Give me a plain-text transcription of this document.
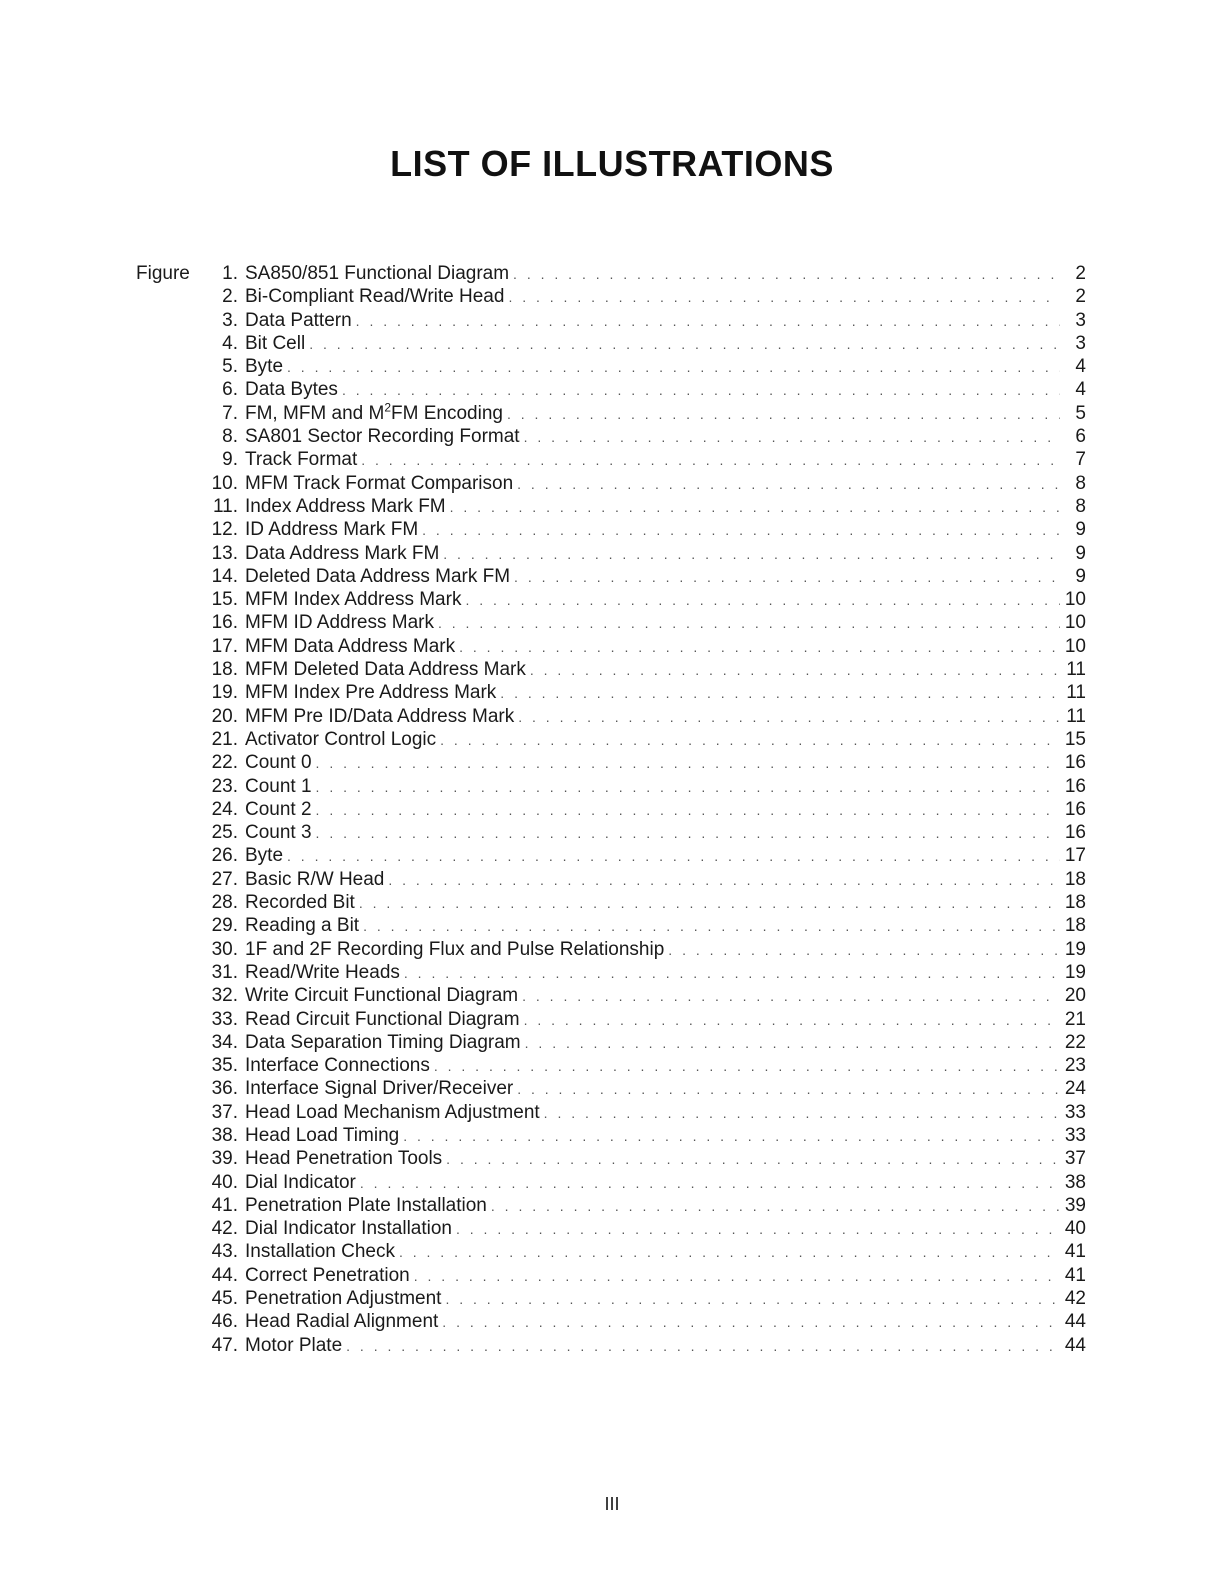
LIST OF ILLUSTRATIONS
Figure	1. SA850/851 Functional Diagram . . .	2
2. Bi-Compliant Read/Write Head . . .	2
3. Data Pattern . . .	3
4. Bit Cell . . .	3
5. Byte . . .	4
6. Data Bytes . . .	4
7. FM, MFM and $M^2FM$ Encoding . . .	5
8. SA801 Sector Recording Format . . .	6
9. Track Format . . .	7
10. MFM Track Format Comparison . . .	8
11. Index Address Mark FM . . .	8
12. ID Address Mark FM . . .	9
13. Data Address Mark FM . . .	9
14. Deleted Data Address Mark FM . . .	9
15. MFM Index Address Mark . . .	10
16. MFM ID Address Mark . . .	10
17. MFM Data Address Mark . . .	10
18. MFM Deleted Data Address Mark . . .	11
19. MFM Index Pre Address Mark . . .	11
20. MFM Pre ID/Data Address Mark . . .	11
21. Activator Control Logic . . .	15
22. Count 0 . . .	16
23. Count 1 . . .	16
24. Count 2 . . .	16
25. Count 3 . . .	16
26. Byte . . .	17
27. Basic R/W Head . . .	18
28. Recorded Bit . . .	18
29. Reading a Bit . . .	18
30. 1F and 2F Recording Flux and Pulse Relationship . . .	19
31. Read/Write Heads . . .	19
32. Write Circuit Functional Diagram . . .	20
33. Read Circuit Functional Diagram . . .	21
34. Data Separation Timing Diagram . . .	22
35. Interface Connections . . .	23
36. Interface Signal Driver/Receiver . . .	24
37. Head Load Mechanism Adjustment . . .	33
38. Head Load Timing . . .	33
39. Head Penetration Tools . . .	37
40. Dial Indicator . . .	38
41. Penetration Plate Installation . . .	39
42. Dial Indicator Installation . . .	40
43. Installation Check . . .	41
44. Correct Penetration . . .	41
45. Penetration Adjustment . . .	42
46. Head Radial Alignment . . .	44
47. Motor Plate . . .	44
III
